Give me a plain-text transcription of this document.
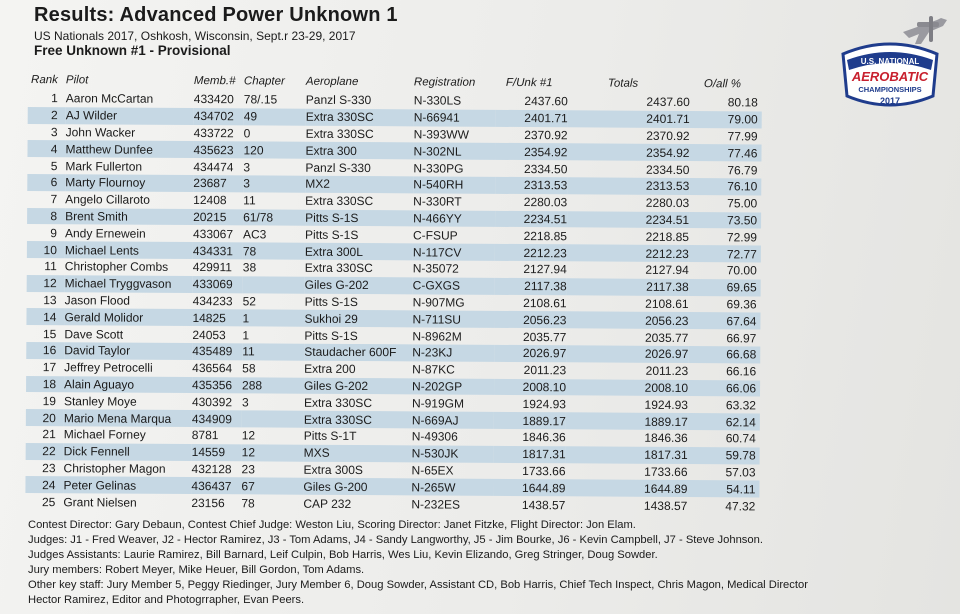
Results: Advanced Power Unknown 1
US Nationals 2017, Oshkosh, Wisconsin, Sept.r 23-29, 2017
Free Unknown #1 - Provisional
U.S. NATIONAL
AEROBATIC
CHAMPIONSHIPS
2017
Rank	Pilot	Memb.#	Chapter	Aeroplane	Registration	F/Unk #1	Totals	O/all %
1	Aaron McCartan	433420	78/.15	Panzl S-330	N-330LS	2437.60	2437.60	80.18
2	AJ Wilder	434702	49	Extra 330SC	N-66941	2401.71	2401.71	79.00
3	John Wacker	433722	0	Extra 330SC	N-393WW	2370.92	2370.92	77.99
4	Matthew Dunfee	435623	120	Extra 300	N-302NL	2354.92	2354.92	77.46
5	Mark Fullerton	434474	3	Panzl S-330	N-330PG	2334.50	2334.50	76.79
6	Marty Flournoy	23687	3	MX2	N-540RH	2313.53	2313.53	76.10
7	Angelo Cillaroto	12408	11	Extra 330SC	N-330RT	2280.03	2280.03	75.00
8	Brent Smith	20215	61/78	Pitts S-1S	N-466YY	2234.51	2234.51	73.50
9	Andy Ernewein	433067	AC3	Pitts S-1S	C-FSUP	2218.85	2218.85	72.99
10	Michael Lents	434331	78	Extra 300L	N-117CV	2212.23	2212.23	72.77
11	Christopher Combs	429911	38	Extra 330SC	N-35072	2127.94	2127.94	70.00
12	Michael Tryggvason	433069		Giles G-202	C-GXGS	2117.38	2117.38	69.65
13	Jason Flood	434233	52	Pitts S-1S	N-907MG	2108.61	2108.61	69.36
14	Gerald Molidor	14825	1	Sukhoi 29	N-711SU	2056.23	2056.23	67.64
15	Dave Scott	24053	1	Pitts S-1S	N-8962M	2035.77	2035.77	66.97
16	David Taylor	435489	11	Staudacher 600F	N-23KJ	2026.97	2026.97	66.68
17	Jeffrey Petrocelli	436564	58	Extra 200	N-87KC	2011.23	2011.23	66.16
18	Alain Aguayo	435356	288	Giles G-202	N-202GP	2008.10	2008.10	66.06
19	Stanley Moye	430392	3	Extra 330SC	N-919GM	1924.93	1924.93	63.32
20	Mario Mena Marqua	434909		Extra 330SC	N-669AJ	1889.17	1889.17	62.14
21	Michael Forney	8781	12	Pitts S-1T	N-49306	1846.36	1846.36	60.74
22	Dick Fennell	14559	12	MXS	N-530JK	1817.31	1817.31	59.78
23	Christopher Magon	432128	23	Extra 300S	N-65EX	1733.66	1733.66	57.03
24	Peter Gelinas	436437	67	Giles G-200	N-265W	1644.89	1644.89	54.11
25	Grant Nielsen	23156	78	CAP 232	N-232ES	1438.57	1438.57	47.32
Contest Director: Gary Debaun, Contest Chief Judge: Weston Liu, Scoring Director: Janet Fitzke, Flight Director: Jon Elam.
Judges: J1 - Fred Weaver, J2 - Hector Ramirez, J3 - Tom Adams, J4 - Sandy Langworthy, J5 - Jim Bourke, J6 - Kevin Campbell, J7 - Steve Johnson.
Judges Assistants: Laurie Ramirez, Bill Barnard, Leif Culpin, Bob Harris, Wes Liu, Kevin Elizando, Greg Stringer, Doug Sowder.
Jury members: Robert Meyer, Mike Heuer, Bill Gordon, Tom Adams.
Other key staff: Jury Member 5, Peggy Riedinger, Jury Member 6, Doug Sowder, Assistant CD, Bob Harris, Chief Tech Inspect, Chris Magon, Medical Director
Hector Ramirez, Editor and Photogrrapher, Evan Peers.
